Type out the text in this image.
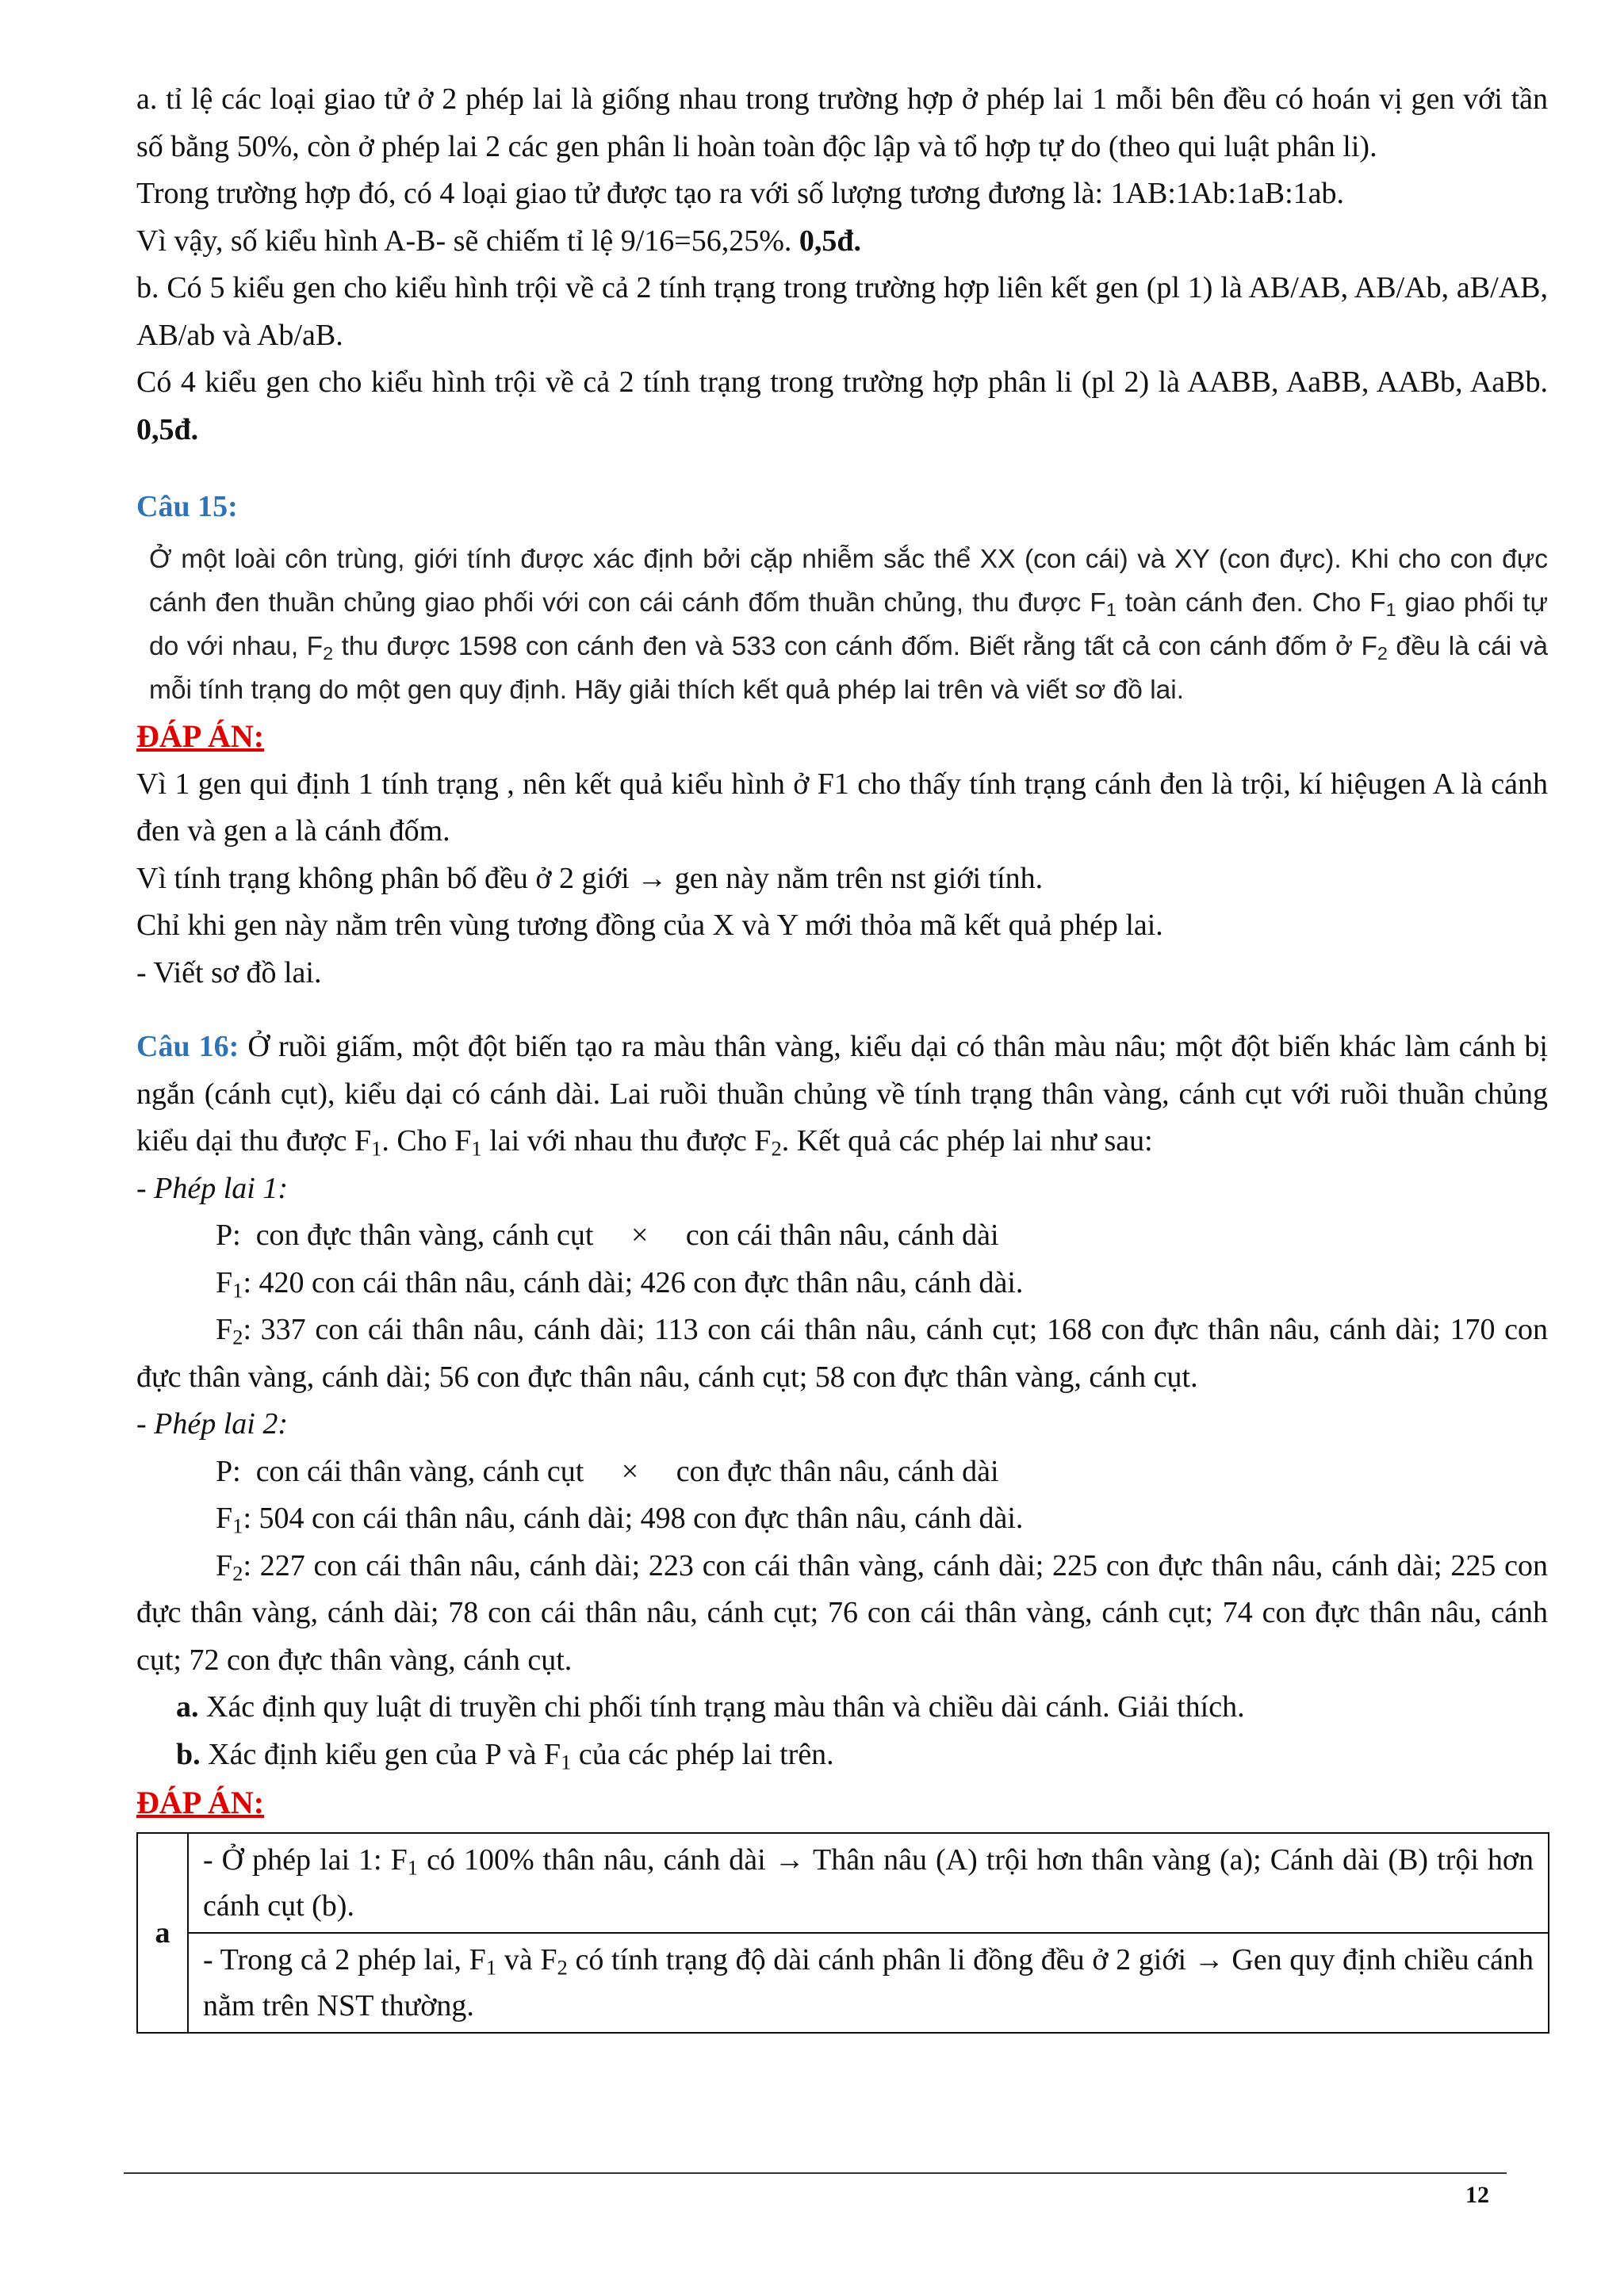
a. tỉ lệ các loại giao tử ở 2 phép lai là giống nhau trong trường hợp ở phép lai 1 mỗi bên đều có hoán vị gen với tần số bằng 50%, còn ở phép lai 2 các gen phân li hoàn toàn độc lập và tổ hợp tự do (theo qui luật phân li).

Trong trường hợp đó, có 4 loại giao tử được tạo ra với số lượng tương đương là: 1AB:1Ab:1aB:1ab.

Vì vậy, số kiểu hình A-B- sẽ chiếm tỉ lệ 9/16=56,25%. 0,5đ.

b. Có 5 kiểu gen cho kiểu hình trội về cả 2 tính trạng trong trường hợp liên kết gen (pl 1) là AB/AB, AB/Ab, aB/AB, AB/ab và Ab/aB.

Có 4 kiểu gen cho kiểu hình trội về cả 2 tính trạng trong trường hợp phân li (pl 2) là AABB, AaBB, AABb, AaBb. 0,5đ.

Câu 15:

Ở một loài côn trùng, giới tính được xác định bởi cặp nhiễm sắc thể XX (con cái) và XY (con đực). Khi cho con đực cánh đen thuần chủng giao phối với con cái cánh đốm thuần chủng, thu được $F_1$ toàn cánh đen. Cho $F_1$ giao phối tự do với nhau, $F_2$ thu được 1598 con cánh đen và 533 con cánh đốm. Biết rằng tất cả con cánh đốm ở $F_2$ đều là cái và mỗi tính trạng do một gen quy định. Hãy giải thích kết quả phép lai trên và viết sơ đồ lai.

ĐÁP ÁN:

Vì 1 gen qui định 1 tính trạng , nên kết quả kiểu hình ở F1 cho thấy tính trạng cánh đen là trội, kí hiệugen A là cánh đen và gen a là cánh đốm.

Vì tính trạng không phân bố đều ở 2 giới → gen này nằm trên nst giới tính.

Chỉ khi gen này nằm trên vùng tương đồng của X và Y mới thỏa mã kết quả phép lai.

- Viết sơ đồ lai.

Câu 16: Ở ruồi giấm, một đột biến tạo ra màu thân vàng, kiểu dại có thân màu nâu; một đột biến khác làm cánh bị ngắn (cánh cụt), kiểu dại có cánh dài. Lai ruồi thuần chủng về tính trạng thân vàng, cánh cụt với ruồi thuần chủng kiểu dại thu được $F_1$. Cho $F_1$ lai với nhau thu được $F_2$. Kết quả các phép lai như sau:

- Phép lai 1:

P:  con đực thân vàng, cánh cụt     ×     con cái thân nâu, cánh dài

$F_1$: 420 con cái thân nâu, cánh dài; 426 con đực thân nâu, cánh dài.

$F_2$: 337 con cái thân nâu, cánh dài; 113 con cái thân nâu, cánh cụt; 168 con đực thân nâu, cánh dài; 170 con đực thân vàng, cánh dài; 56 con đực thân nâu, cánh cụt; 58 con đực thân vàng, cánh cụt.

- Phép lai 2:

P:  con cái thân vàng, cánh cụt     ×     con đực thân nâu, cánh dài

$F_1$: 504 con cái thân nâu, cánh dài; 498 con đực thân nâu, cánh dài.

$F_2$: 227 con cái thân nâu, cánh dài; 223 con cái thân vàng, cánh dài; 225 con đực thân nâu, cánh dài; 225 con đực thân vàng, cánh dài; 78 con cái thân nâu, cánh cụt; 76 con cái thân vàng, cánh cụt; 74 con đực thân nâu, cánh cụt; 72 con đực thân vàng, cánh cụt.

a. Xác định quy luật di truyền chi phối tính trạng màu thân và chiều dài cánh. Giải thích.

b. Xác định kiểu gen của P và $F_1$ của các phép lai trên.

ĐÁP ÁN:

a	- Ở phép lai 1: $F_1$ có 100% thân nâu, cánh dài → Thân nâu (A) trội hơn thân vàng (a); Cánh dài (B) trội hơn cánh cụt (b).
- Trong cả 2 phép lai, $F_1$ và $F_2$ có tính trạng độ dài cánh phân li đồng đều ở 2 giới → Gen quy định chiều cánh nằm trên NST thường.
12
